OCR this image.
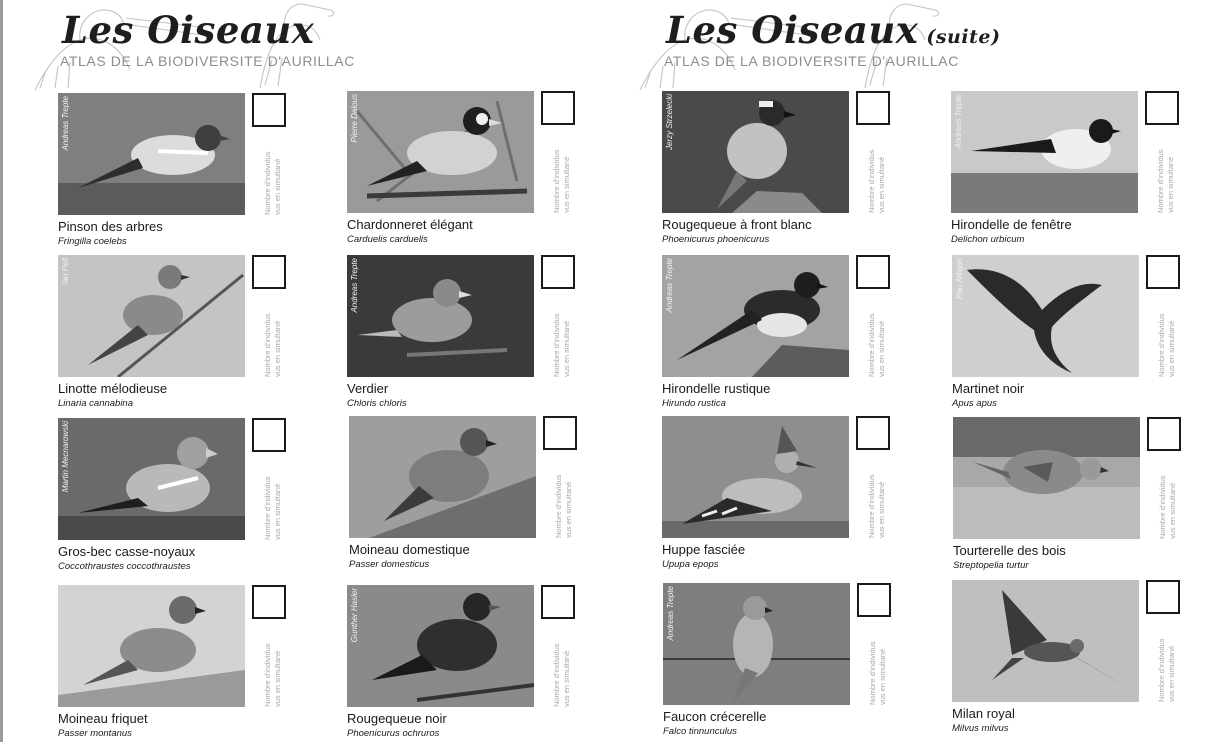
Les Oiseaux
ATLAS DE LA BIODIVERSITE D'AURILLAC
Andreas Trepte
Nombre d'individus
vus en simultané
Pinson des arbres
Fringilla coelebs
Pierre Dalous
Nombre d'individus
vus en simultané
Chardonneret élégant
Carduelis carduelis
Ian Pell
Nombre d'individus
vus en simultané
Linotte mélodieuse
Linaria cannabina
Andreas Trepte
Nombre d'individus
vus en simultané
Verdier
Chloris chloris
Martin Mecnarowski
Nombre d'individus
vus en simultané
Gros-bec casse-noyaux
Coccothraustes coccothraustes
Nombre d'individus
vus en simultané
Moineau domestique
Passer domesticus
Nombre d'individus
vus en simultané
Moineau friquet
Passer montanus
Gunther Hasler
Nombre d'individus
vus en simultané
Rougequeue noir
Phoenicurus ochruros
Les Oiseaux (suite)
ATLAS DE LA BIODIVERSITE D'AURILLAC
Jerzy Strzelecki
Nombre d'individus
vus en simultané
Rougequeue à front blanc
Phoenicurus phoenicurus
Andreas Trepte
Nombre d'individus
vus en simultané
Hirondelle de fenêtre
Delichon urbicum
Andreas Trepte
Nombre d'individus
vus en simultané
Hirondelle rustique
Hirundo rustica
Pau Artigas
Nombre d'individus
vus en simultané
Martinet noir
Apus apus
Nombre d'individus
vus en simultané
Huppe fasciée
Upupa epops
Nombre d'individus
vus en simultané
Tourterelle des bois
Streptopelia turtur
Andreas Trepte
Nombre d'individus
vus en simultané
Faucon crécerelle
Falco tinnunculus
Nombre d'individus
vus en simultané
Milan royal
Milvus milvus
